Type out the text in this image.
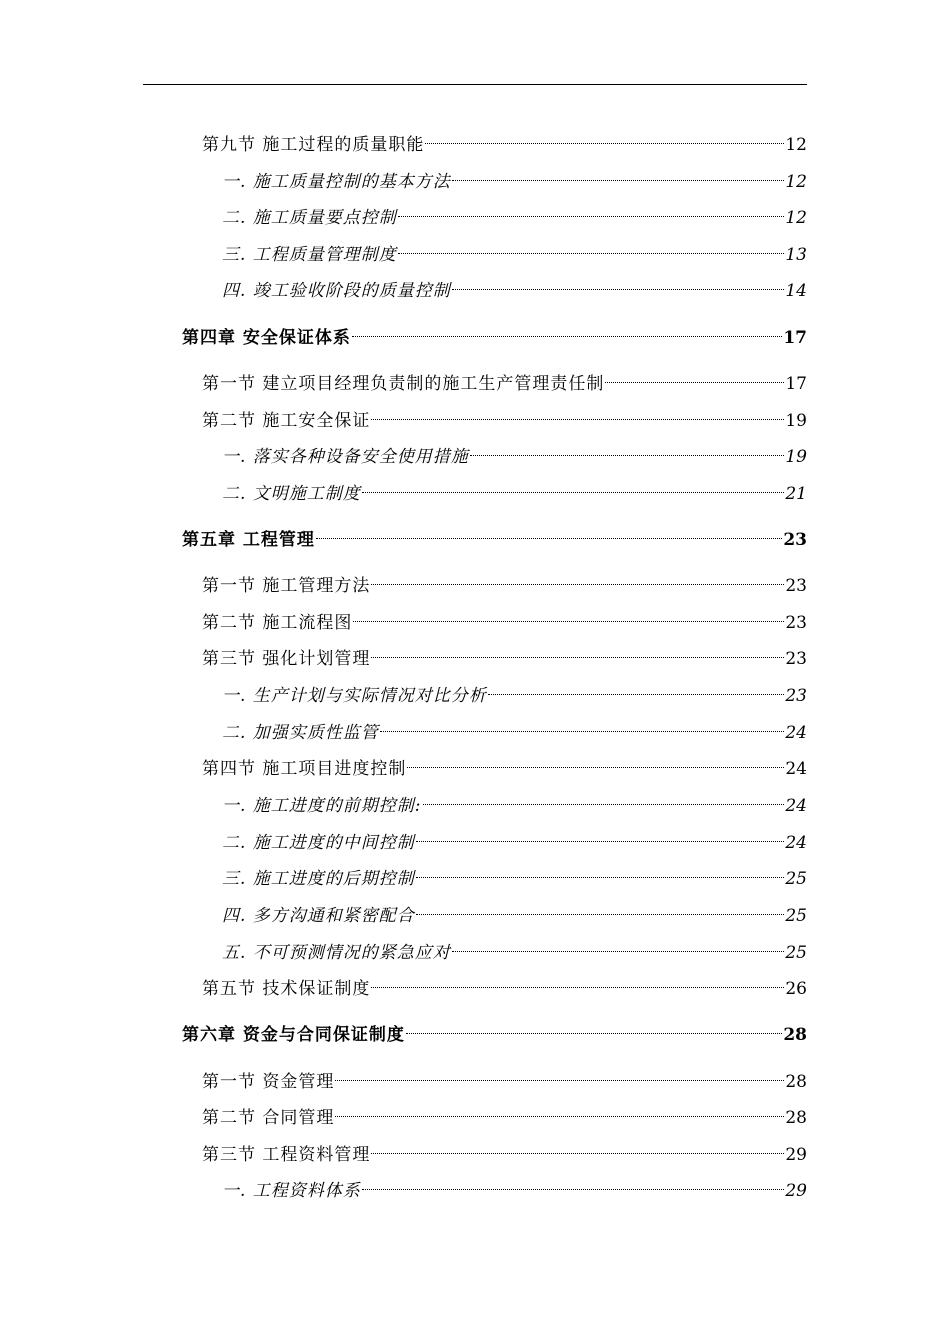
第九节 施工过程的质量职能	12
一. 施工质量控制的基本方法	12
二. 施工质量要点控制	12
三. 工程质量管理制度	13
四. 竣工验收阶段的质量控制	14
第四章 安全保证体系	17
第一节 建立项目经理负责制的施工生产管理责任制	17
第二节 施工安全保证	19
一. 落实各种设备安全使用措施	19
二. 文明施工制度	21
第五章 工程管理	23
第一节 施工管理方法	23
第二节 施工流程图	23
第三节 强化计划管理	23
一. 生产计划与实际情况对比分析	23
二. 加强实质性监管	24
第四节 施工项目进度控制	24
一. 施工进度的前期控制:	24
二. 施工进度的中间控制	24
三. 施工进度的后期控制	25
四. 多方沟通和紧密配合	25
五. 不可预测情况的紧急应对	25
第五节 技术保证制度	26
第六章 资金与合同保证制度	28
第一节 资金管理	28
第二节 合同管理	28
第三节 工程资料管理	29
一. 工程资料体系	29
